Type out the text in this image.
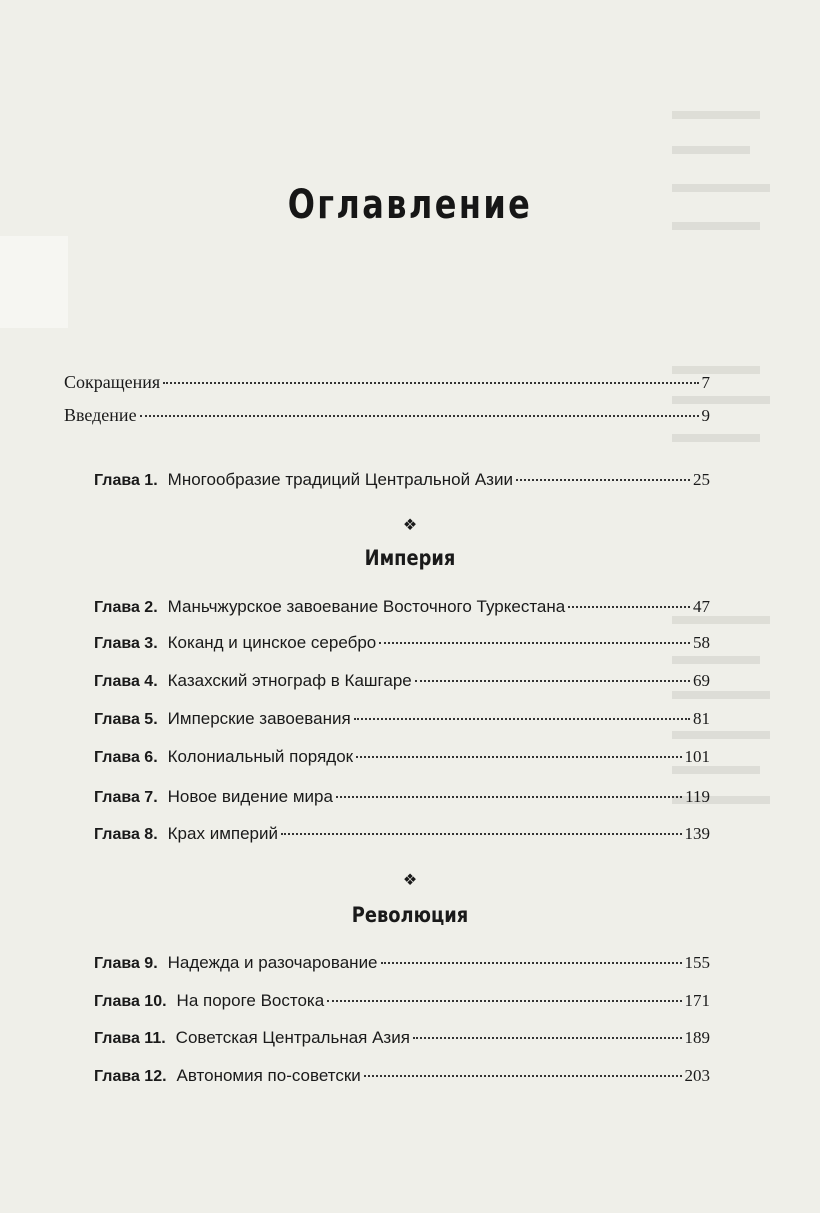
Оглавление
Сокращения	7
Введение	9
Глава 1. Многообразие традиций Центральной Азии	25
❖
Империя
Глава 2. Маньчжурское завоевание Восточного Туркестана	47
Глава 3. Коканд и цинское серебро	58
Глава 4. Казахский этнограф в Кашгаре	69
Глава 5. Имперские завоевания	81
Глава 6. Колониальный порядок	101
Глава 7. Новое видение мира	119
Глава 8. Крах империй	139
❖
Революция
Глава 9. Надежда и разочарование	155
Глава 10. На пороге Востока	171
Глава 11. Советская Центральная Азия	189
Глава 12. Автономия по-советски	203
